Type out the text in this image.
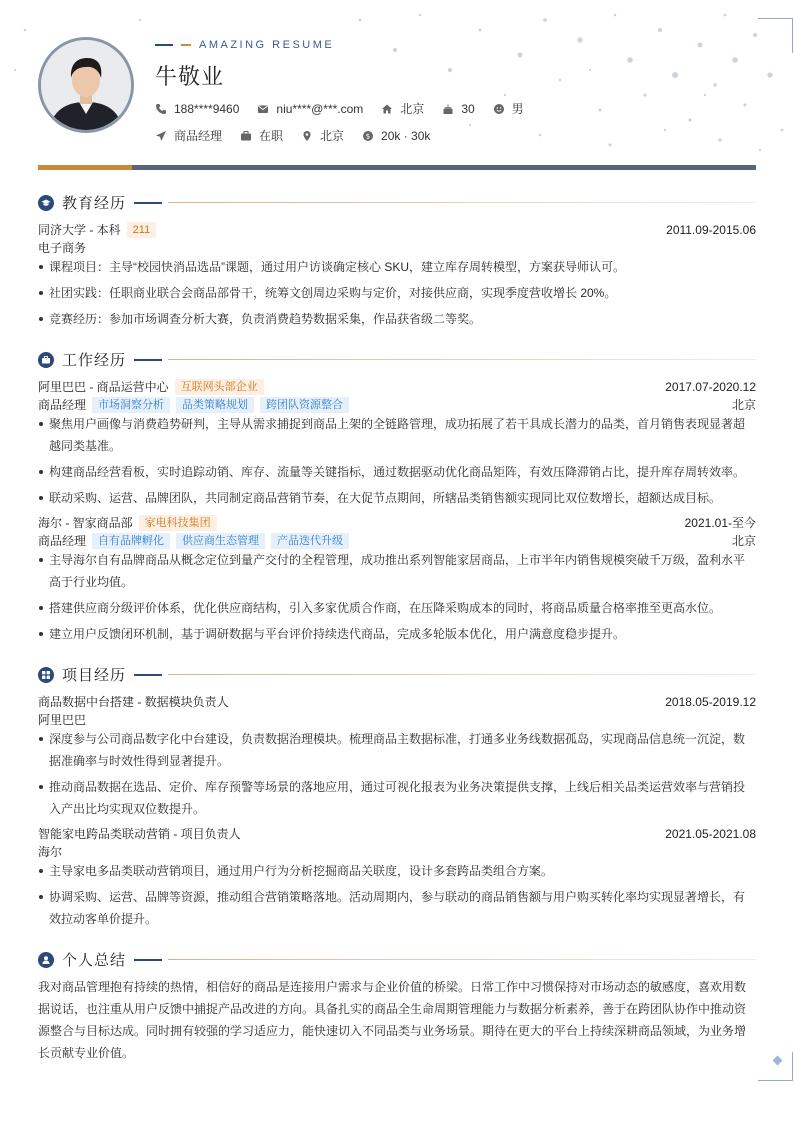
AMAZING RESUME
牛敬业
188****9460	niu****@***.com	北京	30	男
商品经理	在职	北京	$ 20k · 30k
教育经历
同济大学 - 本科	211	2011.09-2015.06
电子商务
课程项目：主导“校园快消品选品”课题，通过用户访谈确定核心 SKU，建立库存周转模型，方案获导师认可。
社团实践：任职商业联合会商品部骨干，统筹文创周边采购与定价，对接供应商，实现季度营收增长 20%。
竞赛经历：参加市场调查分析大赛，负责消费趋势数据采集，作品获省级二等奖。
工作经历
阿里巴巴 - 商品运营中心	互联网头部企业	2017.07-2020.12
商品经理	市场洞察分析	品类策略规划	跨团队资源整合	北京
聚焦用户画像与消费趋势研判，主导从需求捕捉到商品上架的全链路管理，成功拓展了若干具成长潜力的品类，首月销售表现显著超越同类基准。
构建商品经营看板，实时追踪动销、库存、流量等关键指标，通过数据驱动优化商品矩阵，有效压降滞销占比，提升库存周转效率。
联动采购、运营、品牌团队，共同制定商品营销节奏，在大促节点期间，所辖品类销售额实现同比双位数增长，超额达成目标。
海尔 - 智家商品部	家电科技集团	2021.01-至今
商品经理	自有品牌孵化	供应商生态管理	产品迭代升级	北京
主导海尔自有品牌商品从概念定位到量产交付的全程管理，成功推出系列智能家居商品，上市半年内销售规模突破千万级，盈利水平高于行业均值。
搭建供应商分级评价体系，优化供应商结构，引入多家优质合作商，在压降采购成本的同时，将商品质量合格率推至更高水位。
建立用户反馈闭环机制，基于调研数据与平台评价持续迭代商品，完成多轮版本优化，用户满意度稳步提升。
项目经历
商品数据中台搭建 - 数据模块负责人	2018.05-2019.12
阿里巴巴
深度参与公司商品数字化中台建设，负责数据治理模块。梳理商品主数据标准，打通多业务线数据孤岛，实现商品信息统一沉淀，数据准确率与时效性得到显著提升。
推动商品数据在选品、定价、库存预警等场景的落地应用，通过可视化报表为业务决策提供支撑，上线后相关品类运营效率与营销投入产出比均实现双位数提升。
智能家电跨品类联动营销 - 项目负责人	2021.05-2021.08
海尔
主导家电多品类联动营销项目，通过用户行为分析挖掘商品关联度，设计多套跨品类组合方案。
协调采购、运营、品牌等资源，推动组合营销策略落地。活动周期内，参与联动的商品销售额与用户购买转化率均实现显著增长，有效拉动客单价提升。
个人总结
我对商品管理抱有持续的热情，相信好的商品是连接用户需求与企业价值的桥梁。日常工作中习惯保持对市场动态的敏感度，喜欢用数据说话，也注重从用户反馈中捕捉产品改进的方向。具备扎实的商品全生命周期管理能力与数据分析素养，善于在跨团队协作中推动资源整合与目标达成。同时拥有较强的学习适应力，能快速切入不同品类与业务场景。期待在更大的平台上持续深耕商品领域，为业务增长贡献专业价值。
